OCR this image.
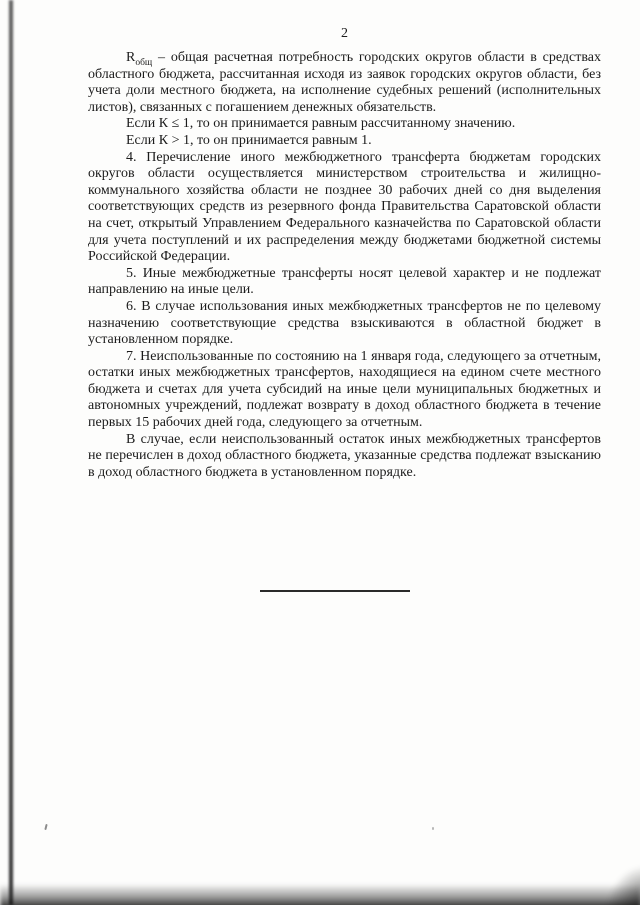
2

$R_{общ}$ – общая расчетная потребность городских округов области в средствах областного бюджета, рассчитанная исходя из заявок городских округов области, без учета доли местного бюджета, на исполнение судебных решений (исполнительных листов), связанных с погашением денежных обязательств.

Если К ≤ 1, то он принимается равным рассчитанному значению.

Если К > 1, то он принимается равным 1.

4. Перечисление иного межбюджетного трансферта бюджетам городских округов области осуществляется министерством строительства и жилищно-коммунального хозяйства области не позднее 30 рабочих дней со дня выделения соответствующих средств из резервного фонда Правительства Саратовской области на счет, открытый Управлением Федерального казначейства по Саратовской области для учета поступлений и их распределения между бюджетами бюджетной системы Российской Федерации.

5. Иные межбюджетные трансферты носят целевой характер и не подлежат направлению на иные цели.

6. В случае использования иных межбюджетных трансфертов не по целевому назначению соответствующие средства взыскиваются в областной бюджет в установленном порядке.

7. Неиспользованные по состоянию на 1 января года, следующего за отчетным, остатки иных межбюджетных трансфертов, находящиеся на едином счете местного бюджета и счетах для учета субсидий на иные цели муниципальных бюджетных и автономных учреждений, подлежат возврату в доход областного бюджета в течение первых 15 рабочих дней года, следующего за отчетным.

В случае, если неиспользованный остаток иных межбюджетных трансфертов не перечислен в доход областного бюджета, указанные средства подлежат взысканию в доход областного бюджета в установленном порядке.
